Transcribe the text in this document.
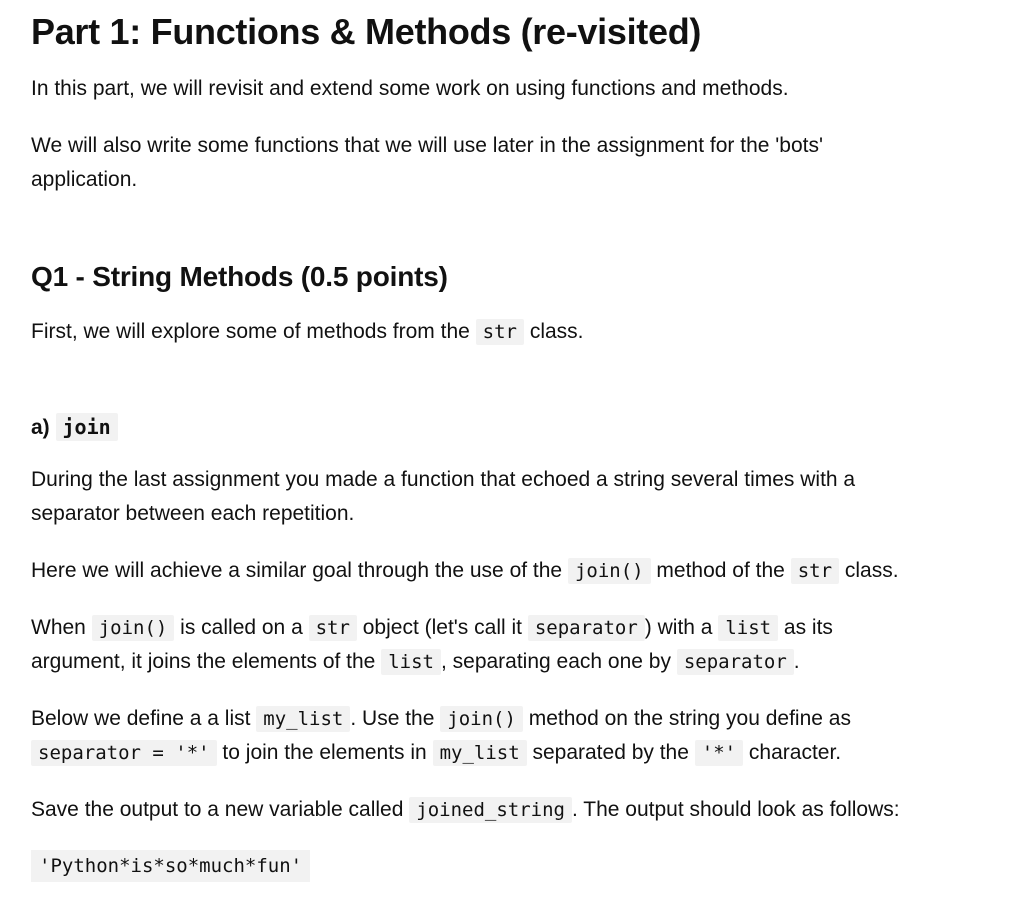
Part 1: Functions & Methods (re-visited)

In this part, we will revisit and extend some work on using functions and methods.

We will also write some functions that we will use later in the assignment for the 'bots'

application.

Q1 - String Methods (0.5 points)

First, we will explore some of methods from the str class.

a) join

During the last assignment you made a function that echoed a string several times with a

separator between each repetition.

Here we will achieve a similar goal through the use of the join() method of the str class.

When join() is called on a str object (let's call it separator ) with a list as its

argument, it joins the elements of the list , separating each one by separator .

Below we define a a list my_list . Use the join() method on the string you define as

separator = '*' to join the elements in my_list separated by the '*' character.

Save the output to a new variable called joined_string . The output should look as follows:

'Python*is*so*much*fun'
